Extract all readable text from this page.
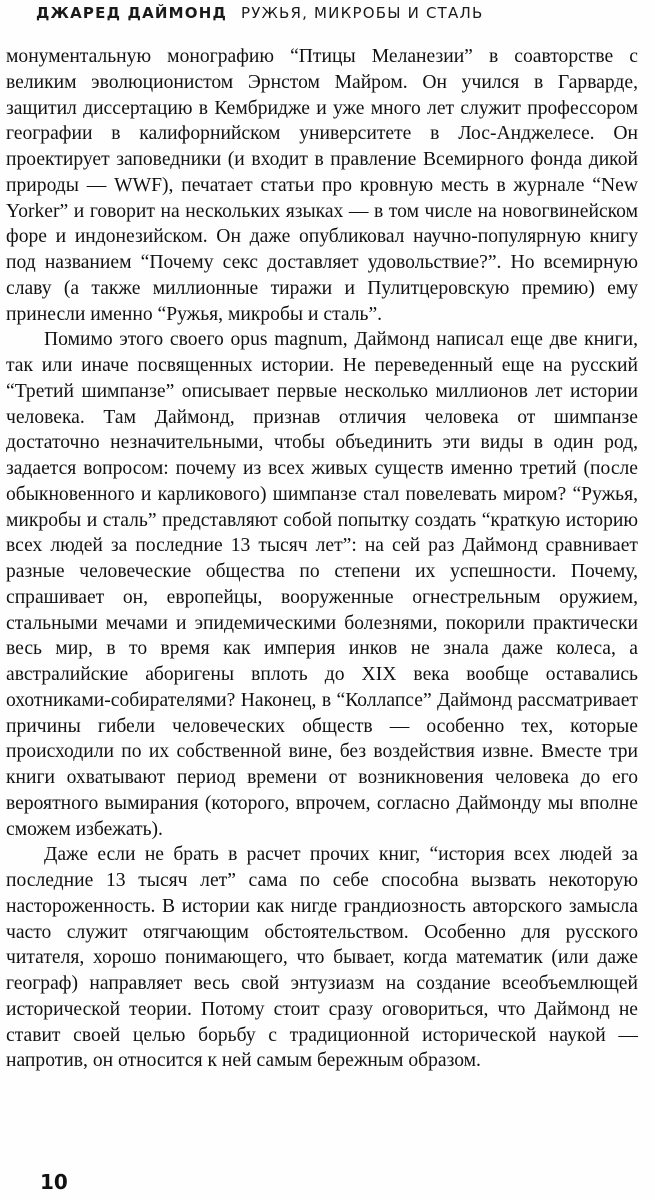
ДЖАРЕД ДАЙМОНД РУЖЬЯ, МИКРОБЫ И СТАЛЬ

монументальную монографию “Птицы Меланезии” в соавторстве с великим эволюционистом Эрнстом Майром. Он учился в Гарварде, защитил диссертацию в Кембридже и уже много лет служит профессором географии в калифорнийском университете в Лос-Анджелесе. Он проектирует заповедники (и входит в правление Всемирного фонда дикой природы — WWF), печатает статьи про кровную месть в журнале “New Yorker” и говорит на нескольких языках — в том числе на новогвинейском форе и индонезийском. Он даже опубликовал научно-популярную книгу под названием “Почему секс доставляет удовольствие?”. Но всемирную славу (а также миллионные тиражи и Пулитцеровскую премию) ему принесли именно “Ружья, микробы и сталь”.

Помимо этого своего opus magnum, Даймонд написал еще две книги, так или иначе посвященных истории. Не переведенный еще на русский “Третий шимпанзе” описывает первые несколько миллионов лет истории человека. Там Даймонд, признав отличия человека от шимпанзе достаточно незначительными, чтобы объединить эти виды в один род, задается вопросом: почему из всех живых существ именно третий (после обыкновенного и карликового) шимпанзе стал повелевать миром? “Ружья, микробы и сталь” представляют собой попытку создать “краткую историю всех людей за последние 13 тысяч лет”: на сей раз Даймонд сравнивает разные человеческие общества по степени их успешности. Почему, спрашивает он, европейцы, вооруженные огнестрельным оружием, стальными мечами и эпидемическими болезнями, покорили практически весь мир, в то время как империя инков не знала даже колеса, а австралийские аборигены вплоть до XIX века вообще оставались охотниками-собирателями? Наконец, в “Коллапсе” Даймонд рассматривает причины гибели человеческих обществ — особенно тех, которые происходили по их собственной вине, без воздействия извне. Вместе три книги охватывают период времени от возникновения человека до его вероятного вымирания (которого, впрочем, согласно Даймонду мы вполне сможем избежать).

Даже если не брать в расчет прочих книг, “история всех людей за последние 13 тысяч лет” сама по себе способна вызвать некоторую настороженность. В истории как нигде грандиозность авторского замысла часто служит отягчающим обстоятельством. Особенно для русского читателя, хорошо понимающего, что бывает, когда математик (или даже географ) направляет весь свой энтузиазм на создание всеобъемлющей исторической теории. Потому стоит сразу оговориться, что Даймонд не ставит своей целью борьбу с традиционной исторической наукой — напротив, он относится к ней самым бережным образом.

10
